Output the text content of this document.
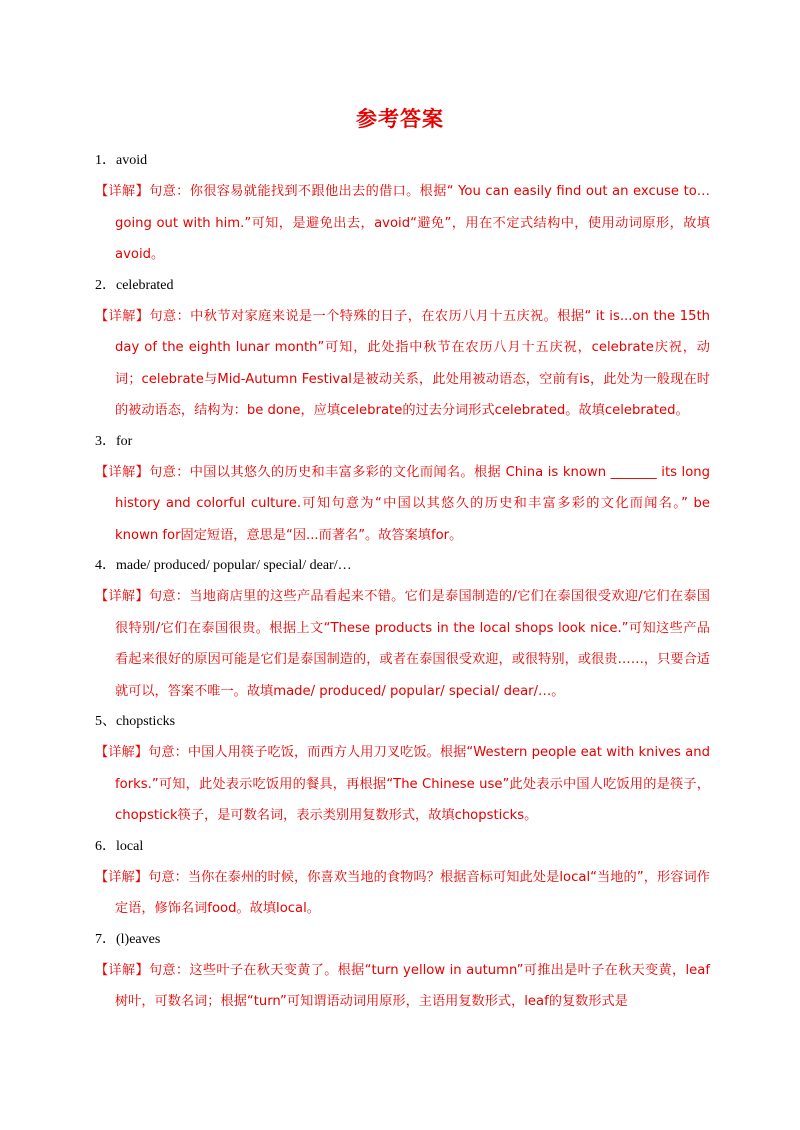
参考答案
1．avoid

【详解】句意：你很容易就能找到不跟他出去的借口。根据“ You can easily find out an excuse to… going out with him.”可知，是避免出去，avoid“避免”，用在不定式结构中，使用动词原形，故填avoid。

2．celebrated

【详解】句意：中秋节对家庭来说是一个特殊的日子，在农历八月十五庆祝。根据“ it is...on the 15th day of the eighth lunar month”可知，此处指中秋节在农历八月十五庆祝，celebrate庆祝，动词；celebrate与Mid-Autumn Festival是被动关系，此处用被动语态，空前有is，此处为一般现在时的被动语态，结构为：be done，应填celebrate的过去分词形式celebrated。故填celebrated。

3．for

【详解】句意：中国以其悠久的历史和丰富多彩的文化而闻名。根据 China is known _______ its long history and colorful culture.可知句意为“中国以其悠久的历史和丰富多彩的文化而闻名。” be known for固定短语，意思是“因...而著名”。故答案填for。

4．made/ produced/ popular/ special/ dear/…

【详解】句意：当地商店里的这些产品看起来不错。它们是泰国制造的/它们在泰国很受欢迎/它们在泰国很特别/它们在泰国很贵。根据上文“These products in the local shops look nice.”可知这些产品看起来很好的原因可能是它们是泰国制造的，或者在泰国很受欢迎，或很特别，或很贵……，只要合适就可以，答案不唯一。故填made/ produced/ popular/ special/ dear/…。

5、chopsticks

【详解】句意：中国人用筷子吃饭，而西方人用刀叉吃饭。根据“Western people eat with knives and forks.”可知，此处表示吃饭用的餐具，再根据“The Chinese use”此处表示中国人吃饭用的是筷子，chopstick筷子，是可数名词，表示类别用复数形式，故填chopsticks。

6．local

【详解】句意：当你在泰州的时候，你喜欢当地的食物吗？根据音标可知此处是local“当地的”，形容词作定语，修饰名词food。故填local。

7．(l)eaves

【详解】句意：这些叶子在秋天变黄了。根据“turn yellow in autumn”可推出是叶子在秋天变黄，leaf树叶，可数名词；根据“turn”可知谓语动词用原形，主语用复数形式，leaf的复数形式是
